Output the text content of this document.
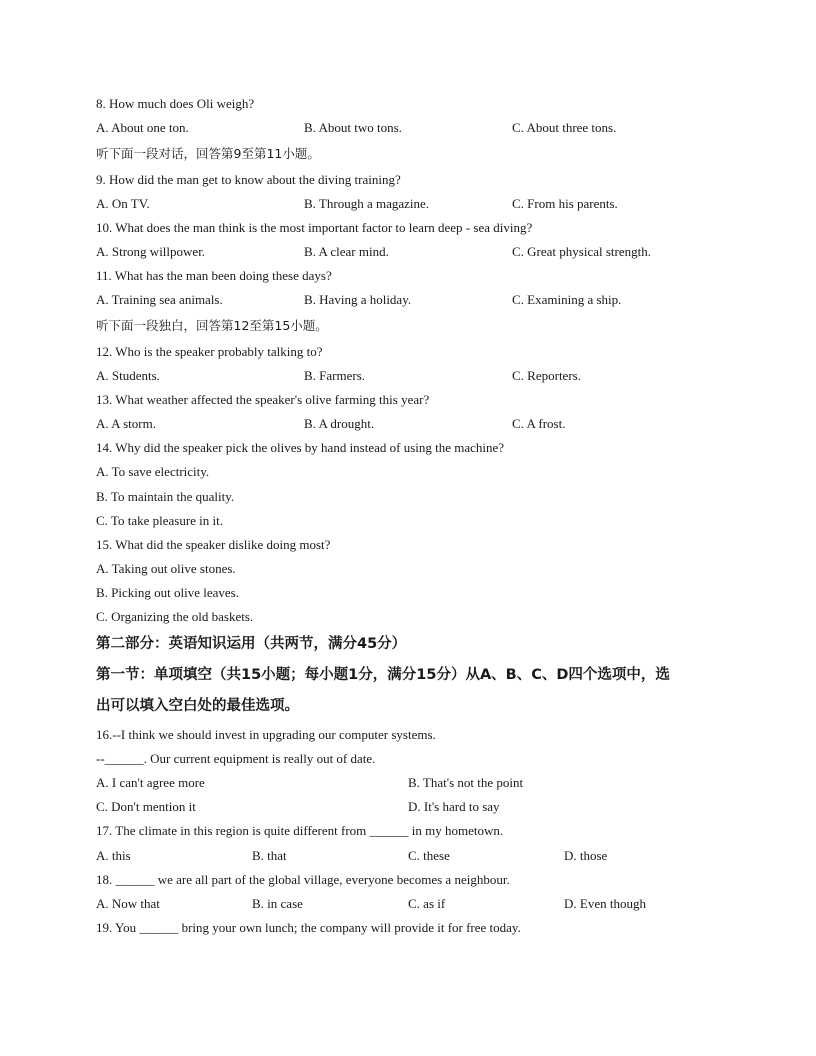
8. How much does Oli weigh?
A. About one ton.	B. About two tons.	C. About three tons.
听下面一段对话，回答第9至第11小题。
9. How did the man get to know about the diving training?
A. On TV.	B. Through a magazine.	C. From his parents.
10. What does the man think is the most important factor to learn deep - sea diving?
A. Strong willpower.	B. A clear mind.	C. Great physical strength.
11. What has the man been doing these days?
A. Training sea animals.	B. Having a holiday.	C. Examining a ship.
听下面一段独白，回答第12至第15小题。
12. Who is the speaker probably talking to?
A. Students.	B. Farmers.	C. Reporters.
13. What weather affected the speaker's olive farming this year?
A. A storm.	B. A drought.	C. A frost.
14. Why did the speaker pick the olives by hand instead of using the machine?
A. To save electricity.
B. To maintain the quality.
C. To take pleasure in it.
15. What did the speaker dislike doing most?
A. Taking out olive stones.
B. Picking out olive leaves.
C. Organizing the old baskets.
第二部分：英语知识运用（共两节，满分45分）
第一节：单项填空（共15小题；每小题1分，满分15分）从A、B、C、D四个选项中，选
出可以填入空白处的最佳选项。
16.--I think we should invest in upgrading our computer systems.
--______. Our current equipment is really out of date.
A. I can't agree more	B. That's not the point
C. Don't mention it	D. It's hard to say
17. The climate in this region is quite different from ______ in my hometown.
A. this	B. that	C. these	D. those
18. ______ we are all part of the global village, everyone becomes a neighbour.
A. Now that	B. in case	C. as if	D. Even though
19. You ______ bring your own lunch; the company will provide it for free today.
